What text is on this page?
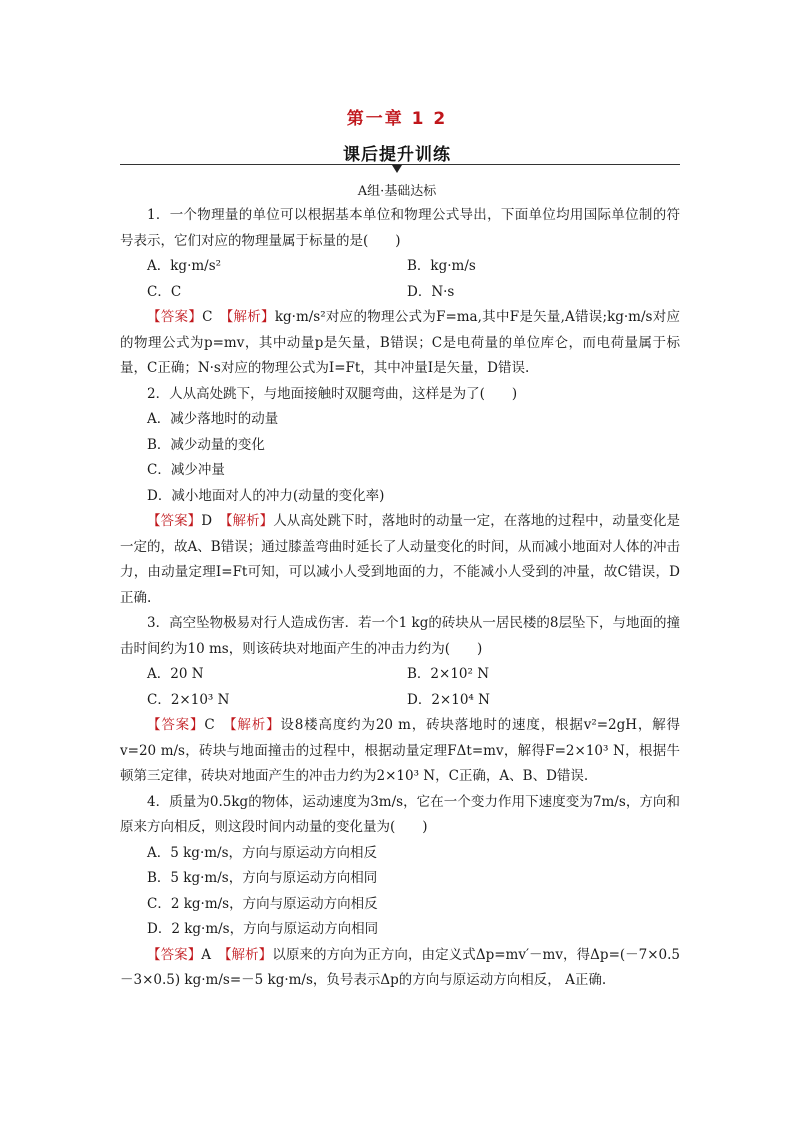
第一章 1 2
课后提升训练
A组·基础达标

1．一个物理量的单位可以根据基本单位和物理公式导出，下面单位均用国际单位制的符号表示，它们对应的物理量属于标量的是(　　)

A．kg·m/s²	B．kg·m/s
C．C	D．N·s

【答案】C　 【解析】kg·m/s²对应的物理公式为F=ma,其中F是矢量,A错误;kg·m/s对应的物理公式为p=mv，其中动量p是矢量，B错误；C是电荷量的单位库仑，而电荷量属于标量，C正确；N·s对应的物理公式为I=Ft，其中冲量I是矢量，D错误.

2．人从高处跳下，与地面接触时双腿弯曲，这样是为了(　　)

A．减少落地时的动量

B．减少动量的变化

C．减少冲量

D．减小地面对人的冲力(动量的变化率)

【答案】D　 【解析】人从高处跳下时，落地时的动量一定，在落地的过程中，动量变化是一定的，故A、B错误；通过膝盖弯曲时延长了人动量变化的时间，从而减小地面对人体的冲击力，由动量定理I=Ft可知，可以减小人受到地面的力，不能减小人受到的冲量，故C错误，D正确.

3．高空坠物极易对行人造成伤害．若一个1 kg的砖块从一居民楼的8层坠下，与地面的撞击时间约为10 ms，则该砖块对地面产生的冲击力约为(　　)

A．20 N	B．2×10² N
C．2×10³ N	D．2×10⁴ N

【答案】C　 【解析】设8楼高度约为20 m，砖块落地时的速度，根据v²=2gH，解得v=20 m/s，砖块与地面撞击的过程中，根据动量定理FΔt=mv，解得F=2×10³ N，根据牛顿第三定律，砖块对地面产生的冲击力约为2×10³ N，C正确，A、B、D错误.

4．质量为0.5kg的物体，运动速度为3m/s，它在一个变力作用下速度变为7m/s，方向和原来方向相反，则这段时间内动量的变化量为(　　)

A．5 kg·m/s，方向与原运动方向相反

B．5 kg·m/s，方向与原运动方向相同

C．2 kg·m/s，方向与原运动方向相反

D．2 kg·m/s，方向与原运动方向相同

【答案】A　 【解析】以原来的方向为正方向，由定义式Δp=mv′－mv，得Δp=(－7×0.5－3×0.5) kg·m/s=－5 kg·m/s，负号表示Δp的方向与原运动方向相反， A正确.
